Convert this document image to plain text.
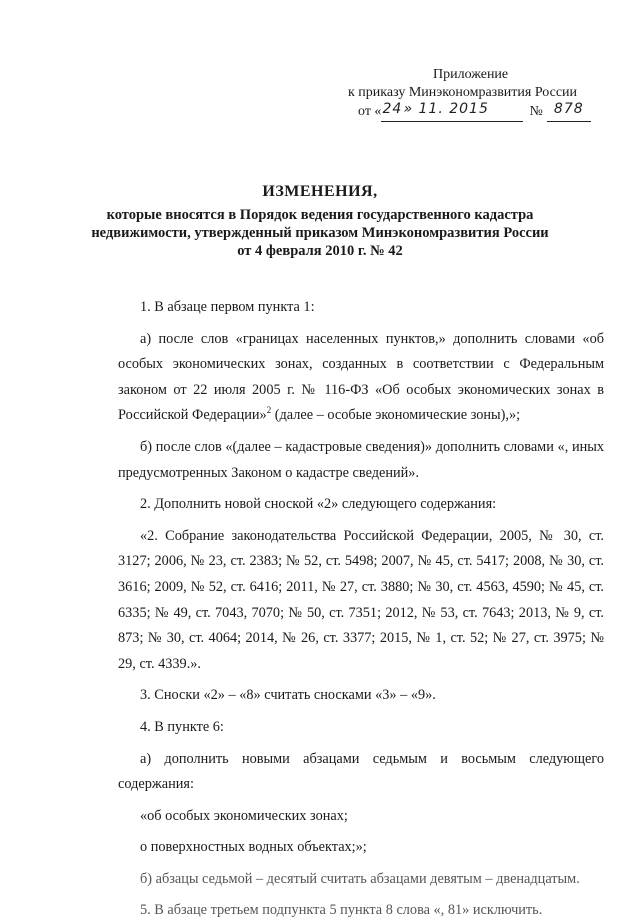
Приложение
к приказу Минэкономразвития России
от « 24 » 11. 2015	№ 878
ИЗМЕНЕНИЯ,
которые вносятся в Порядок ведения государственного кадастра недвижимости, утвержденный приказом Минэкономразвития России от 4 февраля 2010 г. № 42
1. В абзаце первом пункта 1:
а) после слов «границах населенных пунктов,» дополнить словами «об особых экономических зонах, созданных в соответствии с Федеральным законом от 22 июля 2005 г. № 116-ФЗ «Об особых экономических зонах в Российской Федерации»$^2$ (далее – особые экономические зоны),»;
б) после слов «(далее – кадастровые сведения)» дополнить словами «, иных предусмотренных Законом о кадастре сведений».
2. Дополнить новой сноской «2» следующего содержания:
«2. Собрание законодательства Российской Федерации, 2005, № 30, ст. 3127; 2006, № 23, ст. 2383; № 52, ст. 5498; 2007, № 45, ст. 5417; 2008, № 30, ст. 3616; 2009, № 52, ст. 6416; 2011, № 27, ст. 3880; № 30, ст. 4563, 4590; № 45, ст. 6335; № 49, ст. 7043, 7070; № 50, ст. 7351; 2012, № 53, ст. 7643; 2013, № 9, ст. 873; № 30, ст. 4064; 2014, № 26, ст. 3377; 2015, № 1, ст. 52; № 27, ст. 3975; № 29, ст. 4339.».
3. Сноски «2» – «8» считать сносками «3» – «9».
4. В пункте 6:
а) дополнить новыми абзацами седьмым и восьмым следующего содержания:
«об особых экономических зонах;
о поверхностных водных объектах;»;
б) абзацы седьмой – десятый считать абзацами девятым – двенадцатым.
5. В абзаце третьем подпункта 5 пункта 8 слова «, 81» исключить.
